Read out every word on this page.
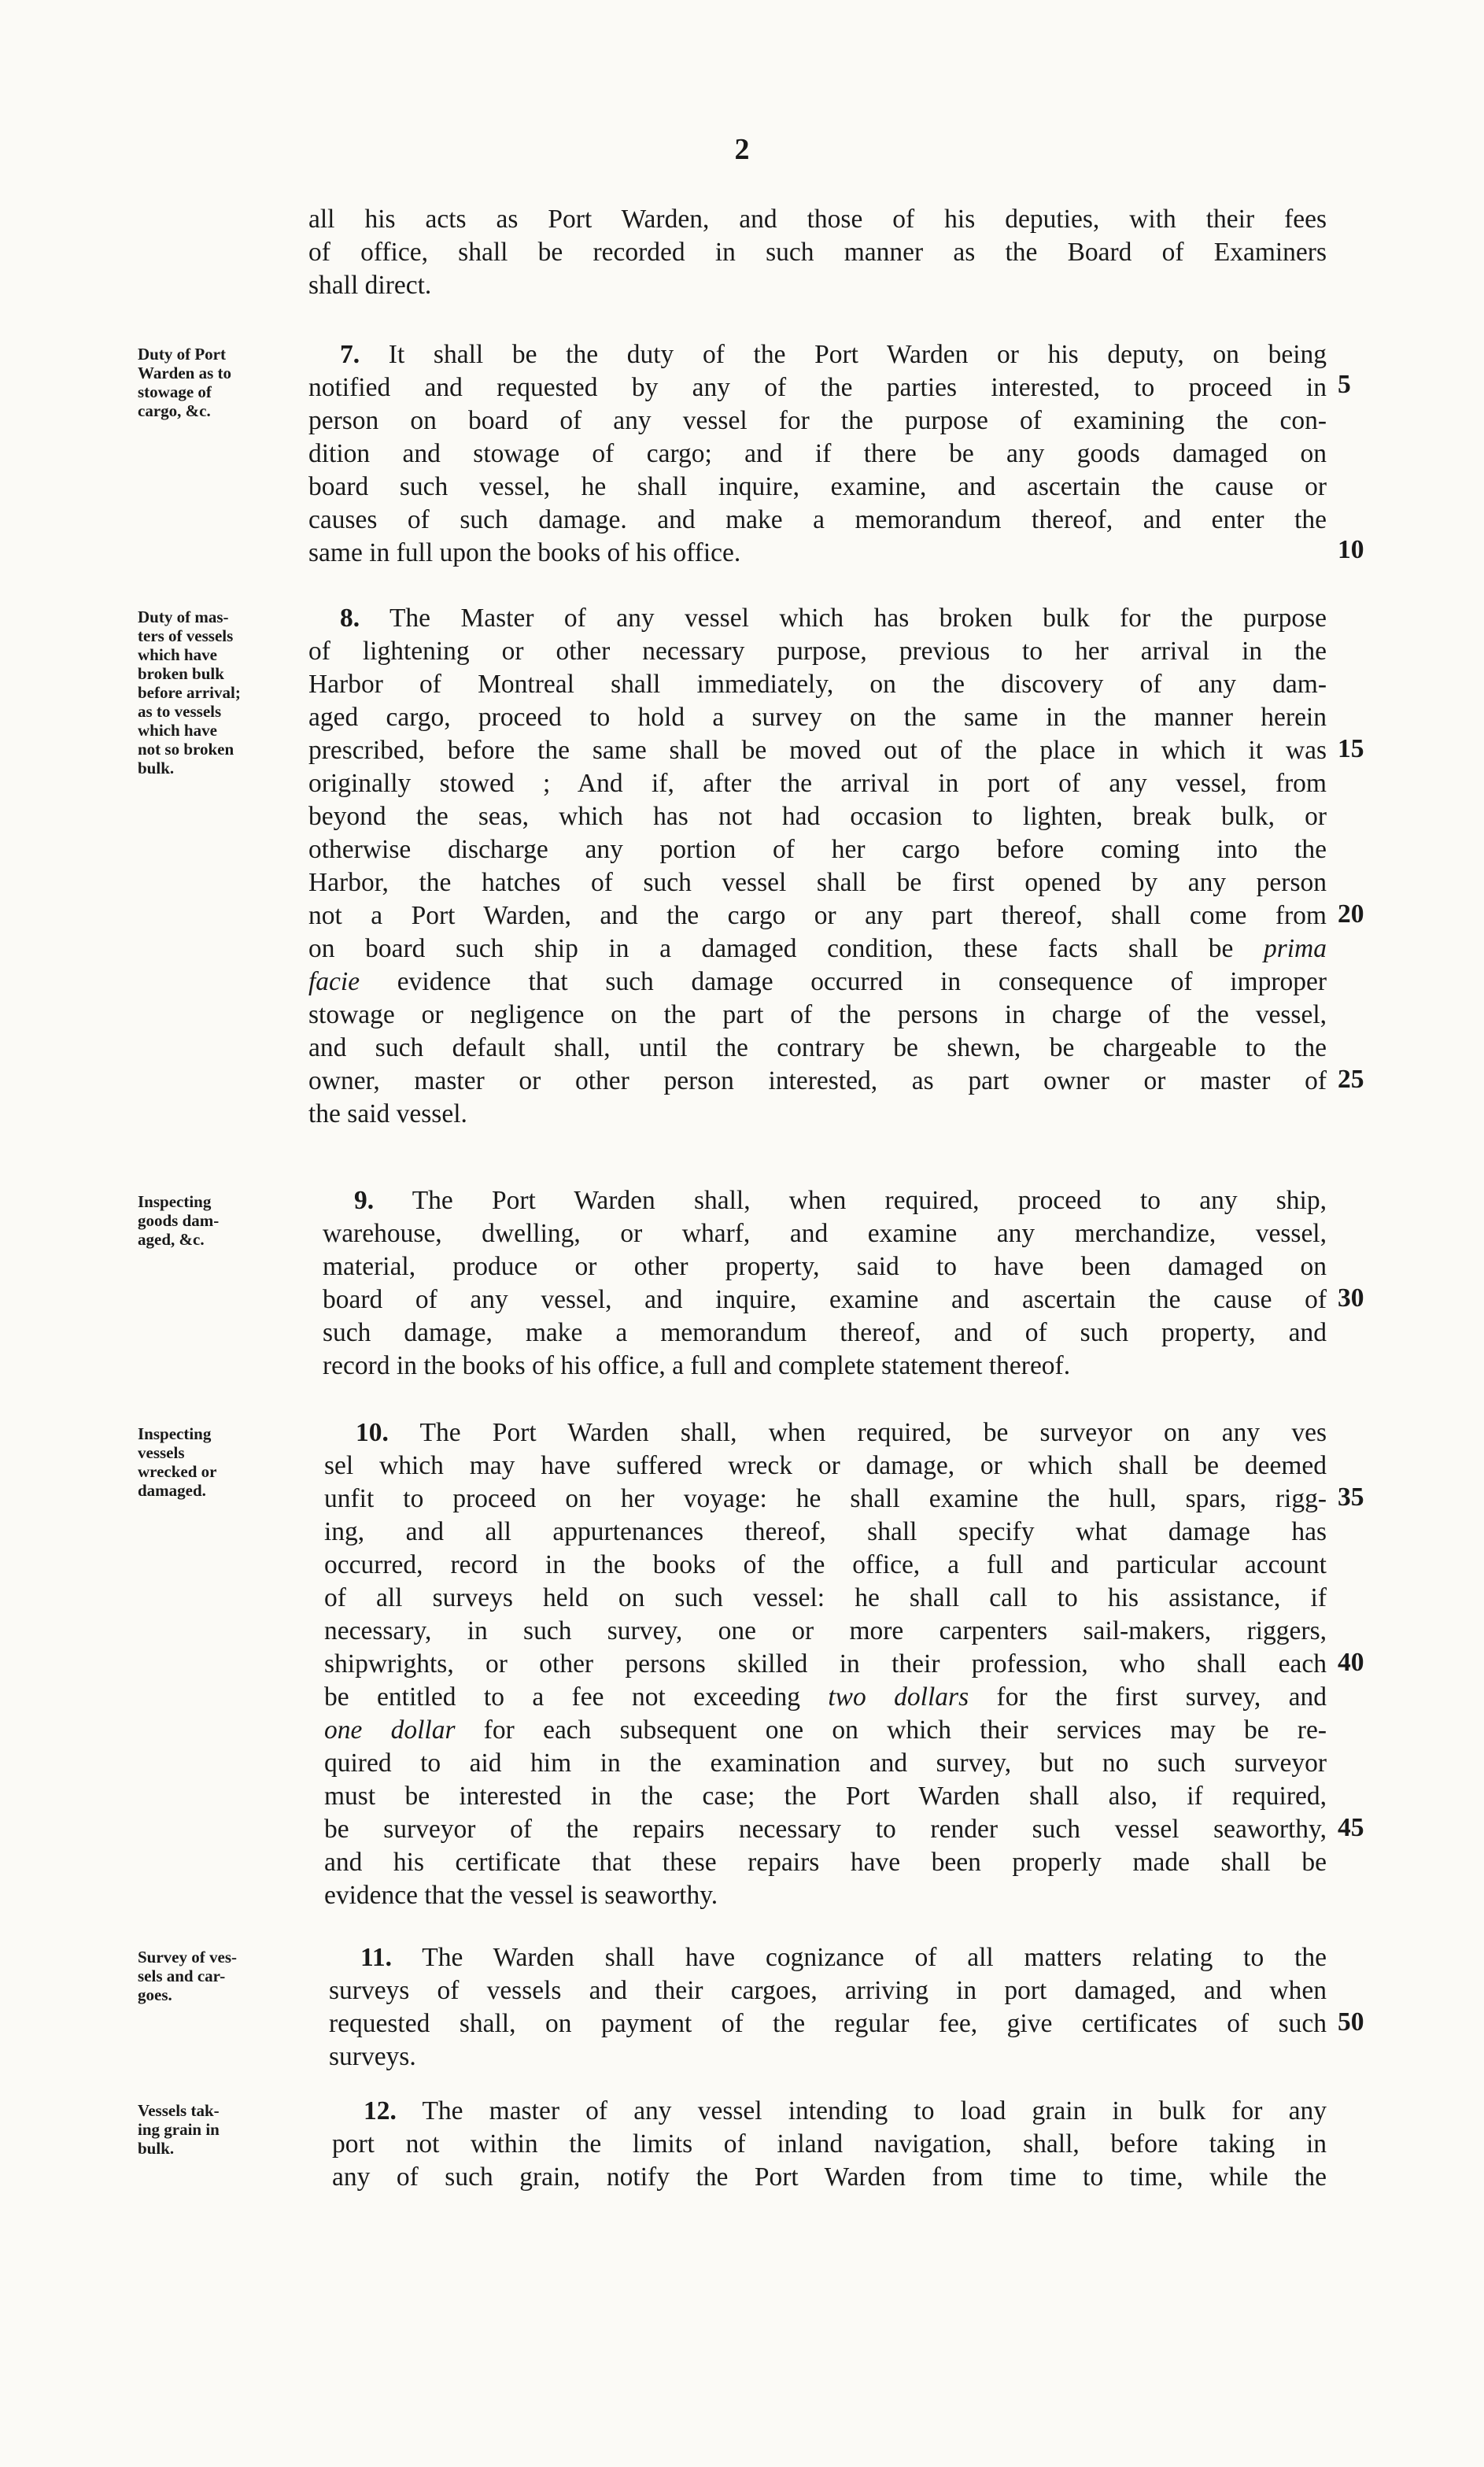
2
all his acts as Port Warden, and those of his deputies, with their fees
of office, shall be recorded in such manner as the Board of Examiners
shall direct.
Duty of Port
Warden as to
stowage of
cargo, &c.
7. It shall be the duty of the Port Warden or his deputy, on being
notified and requested by any of the parties interested, to proceed in
person on board of any vessel for the purpose of examining the con-
dition and stowage of cargo; and if there be any goods damaged on
board such vessel, he shall inquire, examine, and ascertain the cause or
causes of such damage. and make a memorandum thereof, and enter the
same in full upon the books of his office.
Duty of mas-
ters of vessels
which have
broken bulk
before arrival;
as to vessels
which have
not so broken
bulk.
8. The Master of any vessel which has broken bulk for the purpose
of lightening or other necessary purpose, previous to her arrival in the
Harbor of Montreal shall immediately, on the discovery of any dam-
aged cargo, proceed to hold a survey on the same in the manner herein
prescribed, before the same shall be moved out of the place in which it was
originally stowed ; And if, after the arrival in port of any vessel, from
beyond the seas, which has not had occasion to lighten, break bulk, or
otherwise discharge any portion of her cargo before coming into the
Harbor, the hatches of such vessel shall be first opened by any person
not a Port Warden, and the cargo or any part thereof, shall come from
on board such ship in a damaged condition, these facts shall be prima
facie evidence that such damage occurred in consequence of improper
stowage or negligence on the part of the persons in charge of the vessel,
and such default shall, until the contrary be shewn, be chargeable to the
owner, master or other person interested, as part owner or master of
the said vessel.
Inspecting
goods dam-
aged, &c.
9. The Port Warden shall, when required, proceed to any ship,
warehouse, dwelling, or wharf, and examine any merchandize, vessel,
material, produce or other property, said to have been damaged on
board of any vessel, and inquire, examine and ascertain the cause of
such damage, make a memorandum thereof, and of such property, and
record in the books of his office, a full and complete statement thereof.
Inspecting
vessels
wrecked or
damaged.
10. The Port Warden shall, when required, be surveyor on any ves
sel which may have suffered wreck or damage, or which shall be deemed
unfit to proceed on her voyage: he shall examine the hull, spars, rigg-
ing, and all appurtenances thereof, shall specify what damage has
occurred, record in the books of the office, a full and particular account
of all surveys held on such vessel: he shall call to his assistance, if
necessary, in such survey, one or more carpenters sail-makers, riggers,
shipwrights, or other persons skilled in their profession, who shall each
be entitled to a fee not exceeding two dollars for the first survey, and
one dollar for each subsequent one on which their services may be re-
quired to aid him in the examination and survey, but no such surveyor
must be interested in the case; the Port Warden shall also, if required,
be surveyor of the repairs necessary to render such vessel seaworthy,
and his certificate that these repairs have been properly made shall be
evidence that the vessel is seaworthy.
Survey of ves-
sels and car-
goes.
11. The Warden shall have cognizance of all matters relating to the
surveys of vessels and their cargoes, arriving in port damaged, and when
requested shall, on payment of the regular fee, give certificates of such
surveys.
Vessels tak-
ing grain in
bulk.
12. The master of any vessel intending to load grain in bulk for any
port not within the limits of inland navigation, shall, before taking in
any of such grain, notify the Port Warden from time to time, while the
5
10
15
20
25
30
35
40
45
50
